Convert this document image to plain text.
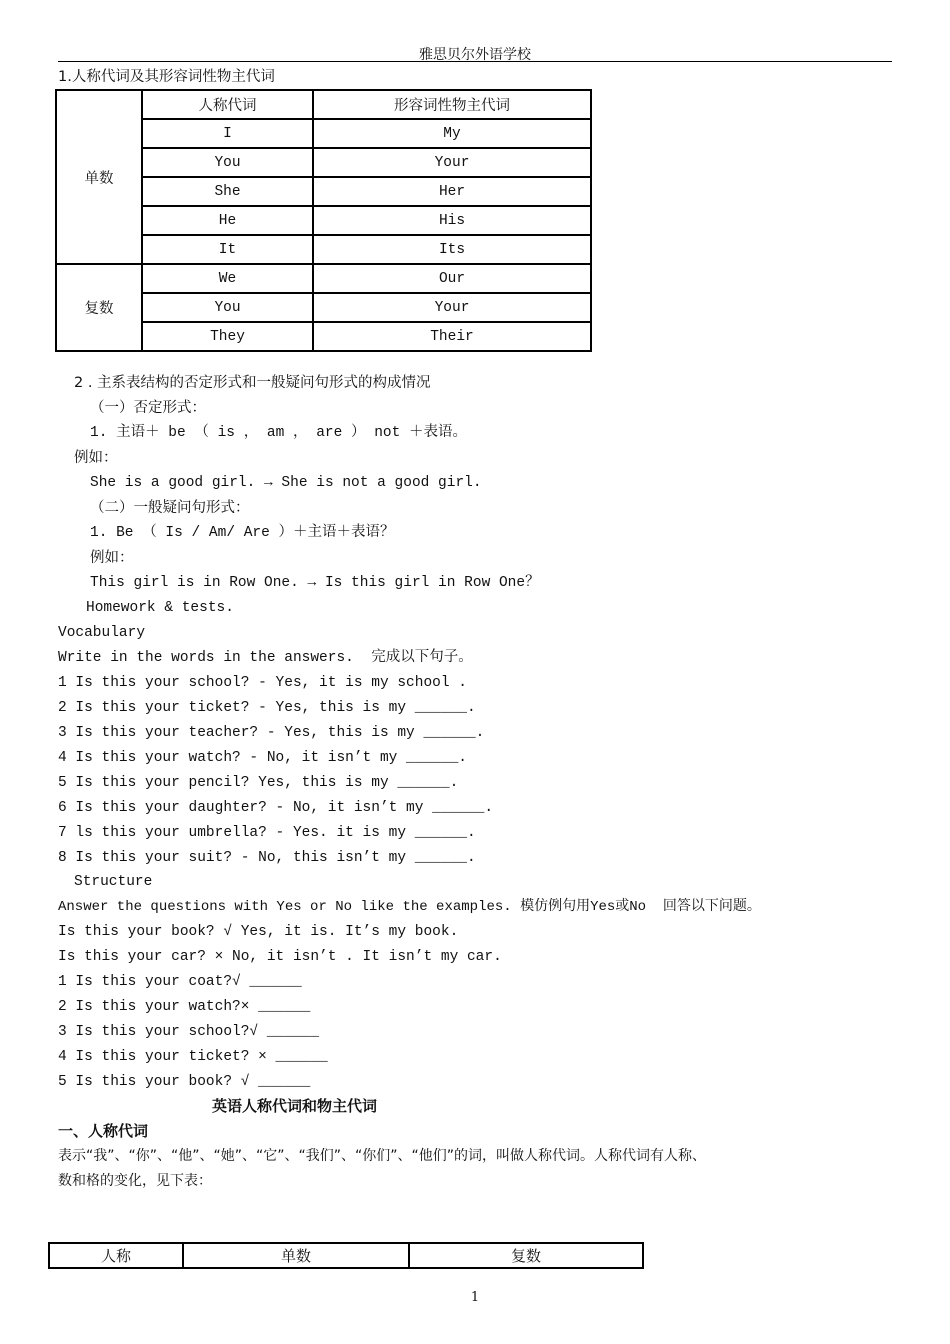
雅思贝尔外语学校
1.人称代词及其形容词性物主代词
单数	人称代词	形容词性物主代词
	I	My
	You	Your
	She	Her
	He	His
	It	Its
复数	We	Our
	You	Your
	They	Their
2 . 主系表结构的否定形式和一般疑问句形式的构成情况
（一）否定形式：
1. 主语＋ be （ is ， am ， are ） not ＋表语。
例如：
She is a good girl. → She is not a good girl.
（二）一般疑问句形式：
1. Be （ Is / Am/ Are ）＋主语＋表语？
例如：
This girl is in Row One. → Is this girl in Row One？
Homework & tests.
Vocabulary
Write in the words in the answers.  完成以下句子。
1 Is this your school? - Yes, it is my school .
2 Is this your ticket? - Yes, this is my ______.
3 Is this your teacher? - Yes, this is my ______.
4 Is this your watch? - No, it isn’t my ______.
5 Is this your pencil? Yes, this is my ______.
6 Is this your daughter? - No, it isn’t my ______.
7 ls this your umbrella? - Yes. it is my ______.
8 Is this your suit? - No, this isn’t my ______.
Structure
Answer the questions with Yes or No like the examples. 模仿例句用Yes或No  回答以下问题。
Is this your book? √ Yes, it is. It’s my book.
Is this your car? × No, it isn’t . It isn’t my car.
1 Is this your coat?√ ______
2 Is this your watch?× ______
3 Is this your school?√ ______
4 Is this your ticket? × ______
5 Is this your book? √ ______
英语人称代词和物主代词
一、人称代词
表示“我”、“你”、“他”、“她”、“它”、“我们”、“你们”、“他们”的词，叫做人称代词。人称代词有人称、
数和格的变化，见下表：
人称	单数	复数
1
